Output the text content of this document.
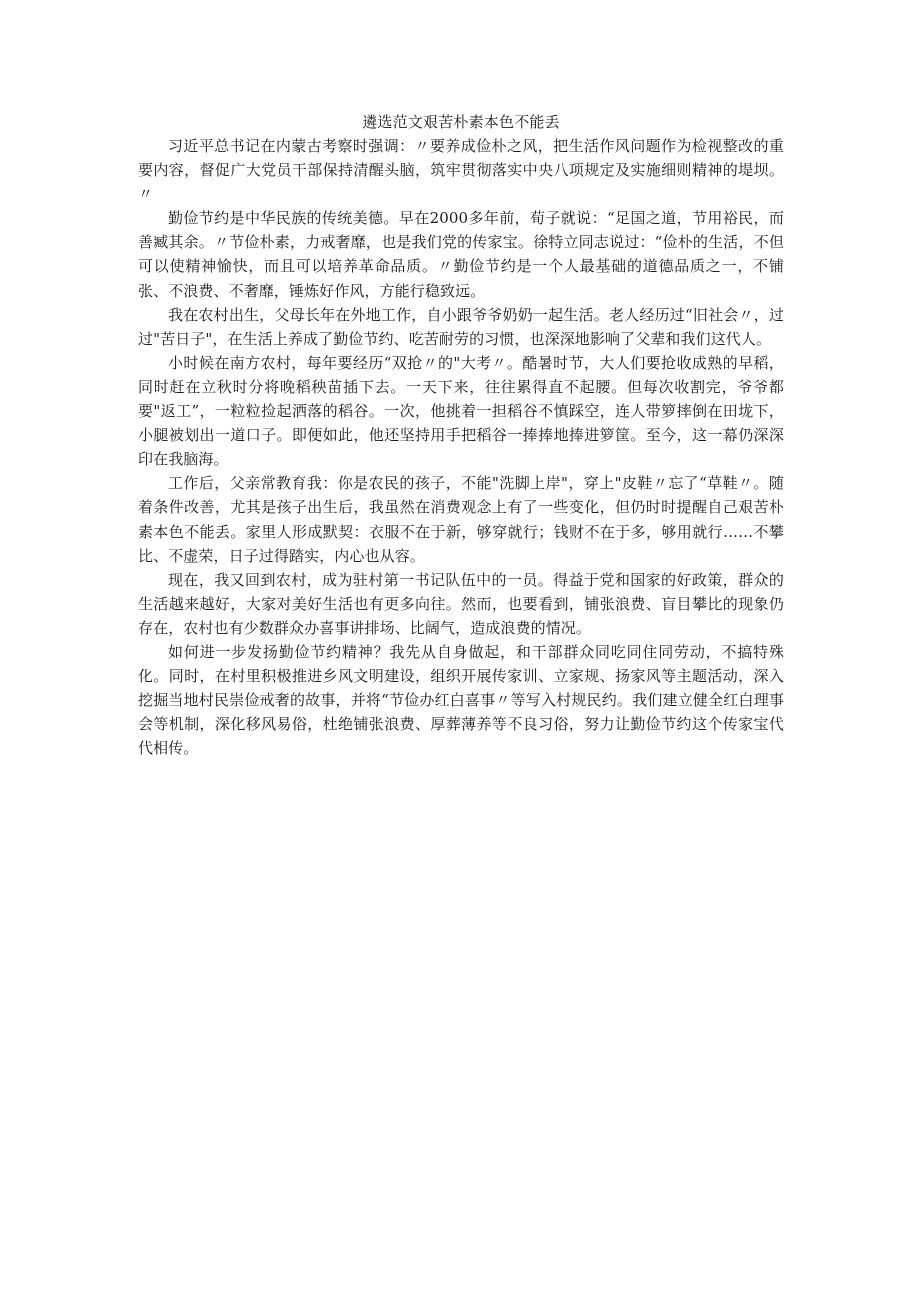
遴选范文艰苦朴素本色不能丢

习近平总书记在内蒙古考察时强调：〃要养成俭朴之风，把生活作风问题作为检视整改的重要内容，督促广大党员干部保持清醒头脑，筑牢贯彻落实中央八项规定及实施细则精神的堤坝。〃

勤俭节约是中华民族的传统美德。早在2000多年前，荀子就说：“足国之道，节用裕民，而善臧其余。〃节俭朴素，力戒奢靡，也是我们党的传家宝。徐特立同志说过：“俭朴的生活，不但可以使精神愉快，而且可以培养革命品质。〃勤俭节约是一个人最基础的道德品质之一，不铺张、不浪费、不奢靡，锤炼好作风，方能行稳致远。

我在农村出生，父母长年在外地工作，自小跟爷爷奶奶一起生活。老人经历过“旧社会〃，过过"苦日子"，在生活上养成了勤俭节约、吃苦耐劳的习惯，也深深地影响了父辈和我们这代人。

小时候在南方农村，每年要经历“双抢〃的"大考〃。酷暑时节，大人们要抢收成熟的早稻，同时赶在立秋时分将晚稻秧苗插下去。一天下来，往往累得直不起腰。但每次收割完，爷爷都要"返工”，一粒粒捡起洒落的稻谷。一次，他挑着一担稻谷不慎踩空，连人带箩摔倒在田垅下，小腿被划出一道口子。即便如此，他还坚持用手把稻谷一捧捧地捧进箩筐。至今，这一幕仍深深印在我脑海。

工作后，父亲常教育我：你是农民的孩子，不能"洗脚上岸"，穿上"皮鞋〃忘了“草鞋〃。随着条件改善，尤其是孩子出生后，我虽然在消费观念上有了一些变化，但仍时时提醒自己艰苦朴素本色不能丢。家里人形成默契：衣服不在于新，够穿就行；钱财不在于多，够用就行……不攀比、不虚荣，日子过得踏实，内心也从容。

现在，我又回到农村，成为驻村第一书记队伍中的一员。得益于党和国家的好政策，群众的生活越来越好，大家对美好生活也有更多向往。然而，也要看到，铺张浪费、盲目攀比的现象仍存在，农村也有少数群众办喜事讲排场、比阔气，造成浪费的情况。

如何进一步发扬勤俭节约精神？我先从自身做起，和干部群众同吃同住同劳动，不搞特殊化。同时，在村里积极推进乡风文明建设，组织开展传家训、立家规、扬家风等主题活动，深入挖掘当地村民崇俭戒奢的故事，并将“节俭办红白喜事〃等写入村规民约。我们建立健全红白理事会等机制，深化移风易俗，杜绝铺张浪费、厚葬薄养等不良习俗，努力让勤俭节约这个传家宝代代相传。
